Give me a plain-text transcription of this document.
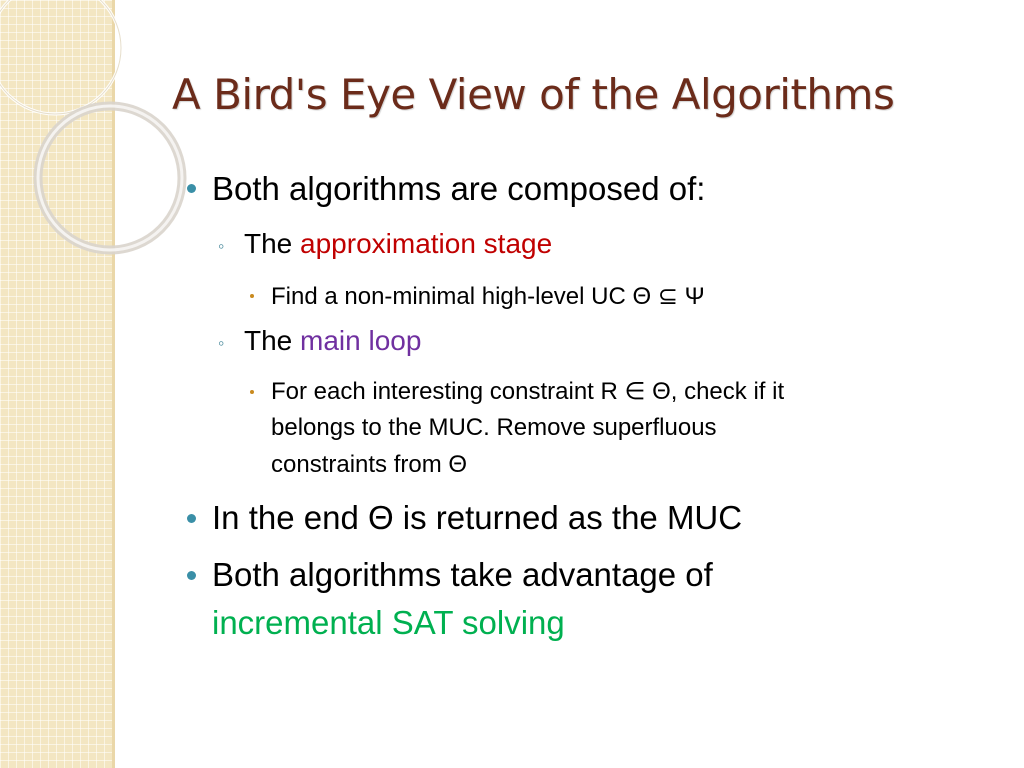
A Bird's Eye View of the Algorithms
Both algorithms are composed of:
◦ The approximation stage
Find a non-minimal high-level UC Θ ⊆ Ψ
◦ The main loop
For each interesting constraint R ∈ Θ, check if it
belongs to the MUC. Remove superfluous
constraints from Θ
In the end Θ is returned as the MUC
Both algorithms take advantage of
incremental SAT solving
